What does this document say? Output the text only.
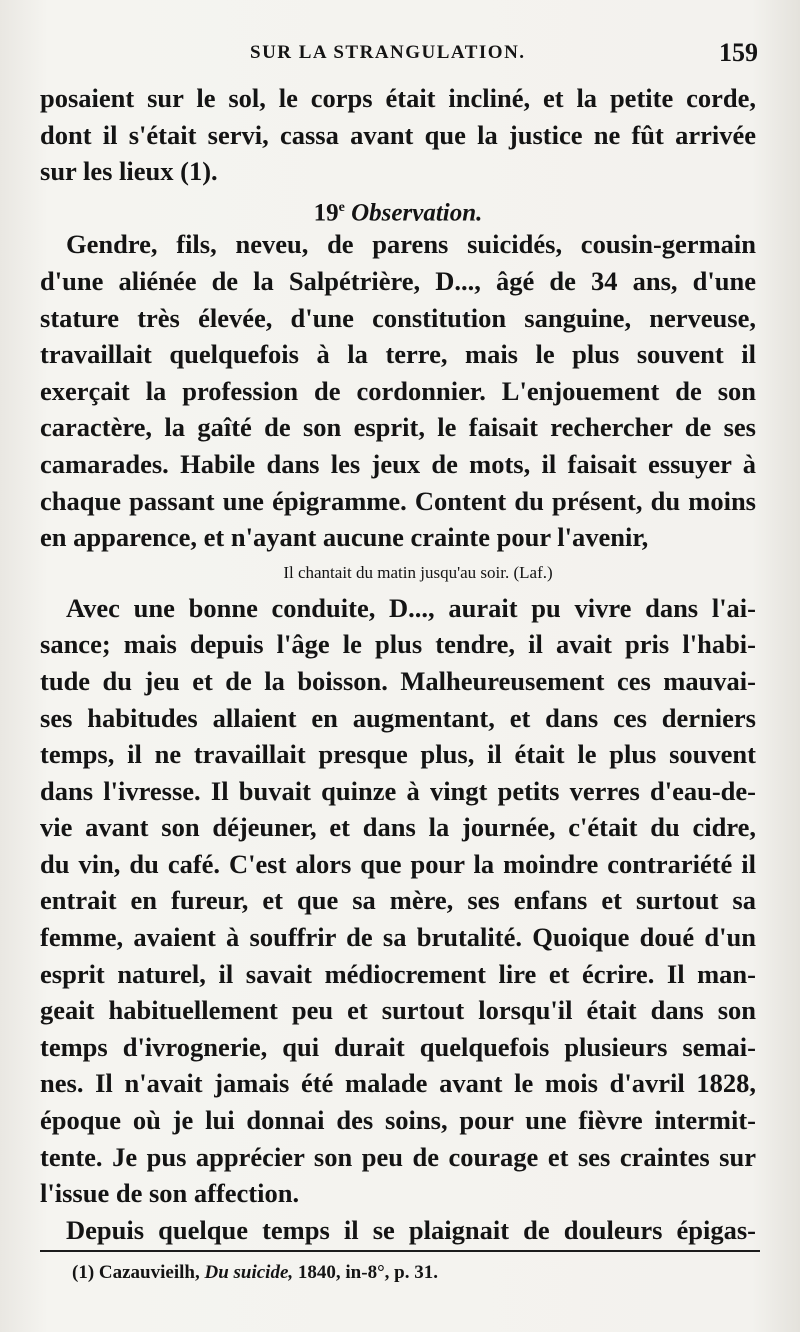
SUR LA STRANGULATION.	159
posaient sur le sol, le corps était incliné, et la petite corde,
dont il s'était servi, cassa avant que la justice ne fût arrivée
sur les lieux (1).
19e Observation.
Gendre, fils, neveu, de parens suicidés, cousin-germain
d'une aliénée de la Salpétrière, D..., âgé de 34 ans, d'une
stature très élevée, d'une constitution sanguine, nerveuse,
travaillait quelquefois à la terre, mais le plus souvent il
exerçait la profession de cordonnier. L'enjouement de son
caractère, la gaîté de son esprit, le faisait rechercher de ses
camarades. Habile dans les jeux de mots, il faisait essuyer à
chaque passant une épigramme. Content du présent, du moins
en apparence, et n'ayant aucune crainte pour l'avenir,
Il chantait du matin jusqu'au soir. (Laf.)
Avec une bonne conduite, D..., aurait pu vivre dans l'ai-
sance; mais depuis l'âge le plus tendre, il avait pris l'habi-
tude du jeu et de la boisson. Malheureusement ces mauvai-
ses habitudes allaient en augmentant, et dans ces derniers
temps, il ne travaillait presque plus, il était le plus souvent
dans l'ivresse. Il buvait quinze à vingt petits verres d'eau-de-
vie avant son déjeuner, et dans la journée, c'était du cidre,
du vin, du café. C'est alors que pour la moindre contrariété il
entrait en fureur, et que sa mère, ses enfans et surtout sa
femme, avaient à souffrir de sa brutalité. Quoique doué d'un
esprit naturel, il savait médiocrement lire et écrire. Il man-
geait habituellement peu et surtout lorsqu'il était dans son
temps d'ivrognerie, qui durait quelquefois plusieurs semai-
nes. Il n'avait jamais été malade avant le mois d'avril 1828,
époque où je lui donnai des soins, pour une fièvre intermit-
tente. Je pus apprécier son peu de courage et ses craintes sur
l'issue de son affection.
Depuis quelque temps il se plaignait de douleurs épigas-
(1) Cazauvieilh, Du suicide, 1840, in-8°, p. 31.
